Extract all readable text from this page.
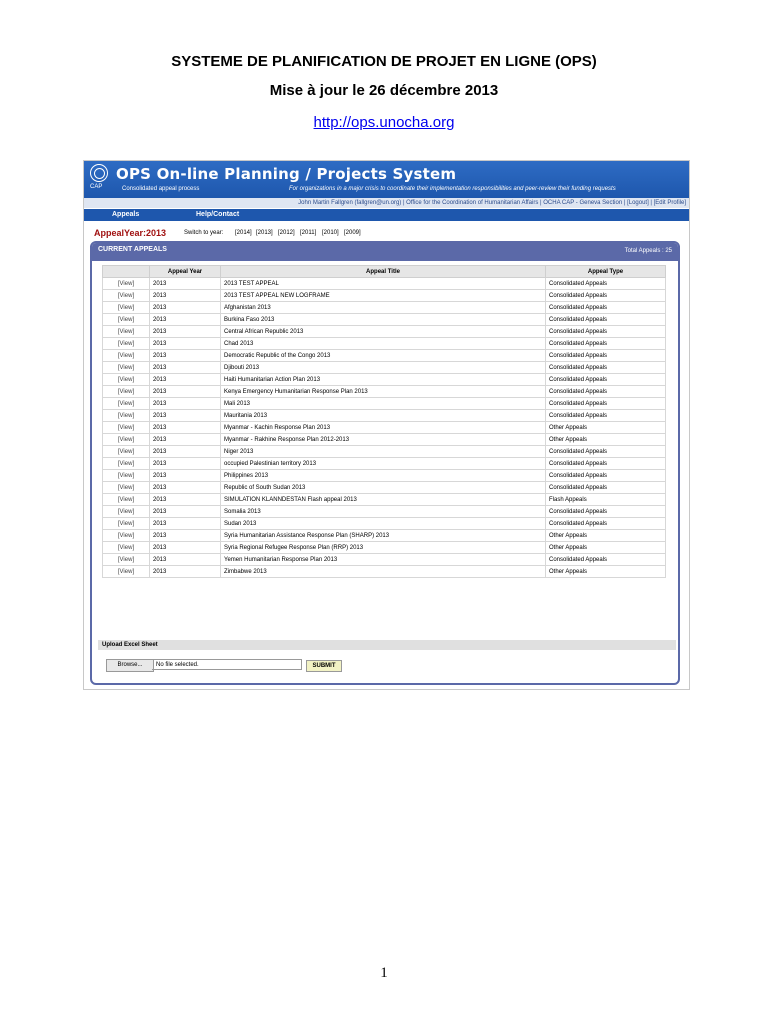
SYSTEME DE PLANIFICATION DE PROJET EN LIGNE (OPS)
Mise à jour le 26 décembre 2013
http://ops.unocha.org
CAP
OPS On-line Planning / Projects System
Consolidated appeal process	For organizations in a major crisis to coordinate their implementation responsibilities and peer-review their funding requests
John Martin Fallgren (fallgren@un.org) | Office for the Coordination of Humanitarian Affairs | OCHA CAP - Geneva Section | [Logout] | [Edit Profile]
Appeals	Help/Contact
AppealYear:2013	Switch to year: [2014] [2013] [2012] [2011] [2010] [2009]
CURRENT APPEALS	Total Appeals : 25
	Appeal Year	Appeal Title	Appeal Type
[View]	2013	2013 TEST APPEAL	Consolidated Appeals
[View]	2013	2013 TEST APPEAL NEW LOGFRAME	Consolidated Appeals
[View]	2013	Afghanistan 2013	Consolidated Appeals
[View]	2013	Burkina Faso 2013	Consolidated Appeals
[View]	2013	Central African Republic 2013	Consolidated Appeals
[View]	2013	Chad 2013	Consolidated Appeals
[View]	2013	Democratic Republic of the Congo 2013	Consolidated Appeals
[View]	2013	Djibouti 2013	Consolidated Appeals
[View]	2013	Haiti Humanitarian Action Plan 2013	Consolidated Appeals
[View]	2013	Kenya Emergency Humanitarian Response Plan 2013	Consolidated Appeals
[View]	2013	Mali 2013	Consolidated Appeals
[View]	2013	Mauritania 2013	Consolidated Appeals
[View]	2013	Myanmar - Kachin Response Plan 2013	Other Appeals
[View]	2013	Myanmar - Rakhine Response Plan 2012-2013	Other Appeals
[View]	2013	Niger 2013	Consolidated Appeals
[View]	2013	occupied Palestinian territory 2013	Consolidated Appeals
[View]	2013	Philippines 2013	Consolidated Appeals
[View]	2013	Republic of South Sudan 2013	Consolidated Appeals
[View]	2013	SIMULATION KLANNDESTAN Flash appeal 2013	Flash Appeals
[View]	2013	Somalia 2013	Consolidated Appeals
[View]	2013	Sudan 2013	Consolidated Appeals
[View]	2013	Syria Humanitarian Assistance Response Plan (SHARP) 2013	Other Appeals
[View]	2013	Syria Regional Refugee Response Plan (RRP) 2013	Other Appeals
[View]	2013	Yemen Humanitarian Response Plan 2013	Consolidated Appeals
[View]	2013	Zimbabwe 2013	Other Appeals
Upload Excel Sheet
Browse...	No file selected.	SUBMIT
1
